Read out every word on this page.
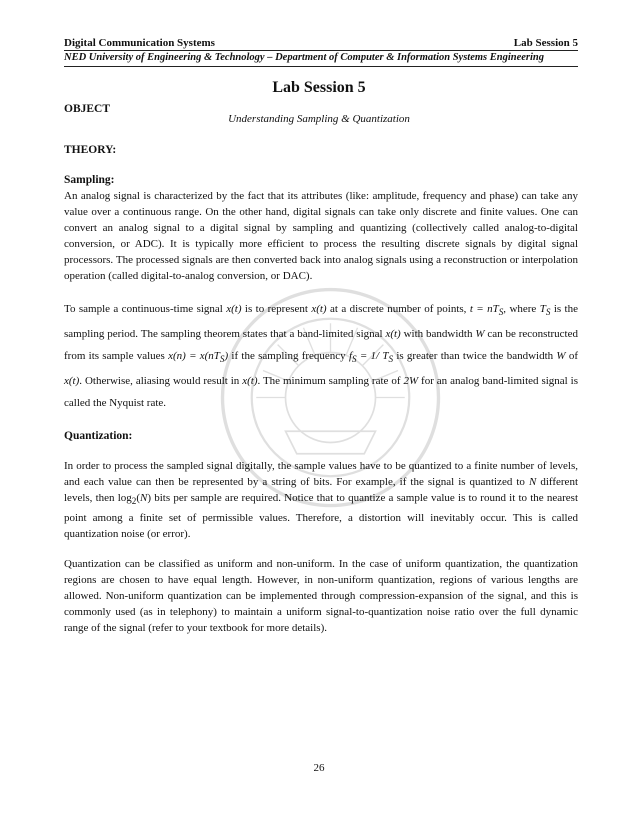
Digital Communication Systems	Lab Session 5
NED University of Engineering & Technology – Department of Computer & Information Systems Engineering
Lab Session 5
OBJECT
Understanding Sampling & Quantization
THEORY:
Sampling:

An analog signal is characterized by the fact that its attributes (like: amplitude, frequency and phase) can take any value over a continuous range. On the other hand, digital signals can take only discrete and finite values. One can convert an analog signal to a digital signal by sampling and quantizing (collectively called analog-to-digital conversion, or ADC). It is typically more efficient to process the resulting discrete signals by digital signal processors. The processed signals are then converted back into analog signals using a reconstruction or interpolation operation (called digital-to-analog conversion, or DAC).

To sample a continuous-time signal x(t) is to represent x(t) at a discrete number of points, $t = nT_S$, where $T_S$ is the sampling period. The sampling theorem states that a band-limited signal x(t) with bandwidth W can be reconstructed from its sample values $x(n) = x(nT_S)$ if the sampling frequency $f_S = 1/$ $T_S$ is greater than twice the bandwidth W of x(t). Otherwise, aliasing would result in x(t). The minimum sampling rate of 2W for an analog band-limited signal is called the Nyquist rate.

Quantization:

In order to process the sampled signal digitally, the sample values have to be quantized to a finite number of levels, and each value can then be represented by a string of bits. For example, if the signal is quantized to N different levels, then $\log_2(N)$ bits per sample are required. Notice that to quantize a sample value is to round it to the nearest point among a finite set of permissible values. Therefore, a distortion will inevitably occur. This is called quantization noise (or error).

Quantization can be classified as uniform and non-uniform. In the case of uniform quantization, the quantization regions are chosen to have equal length. However, in non-uniform quantization, regions of various lengths are allowed. Non-uniform quantization can be implemented through compression-expansion of the signal, and this is commonly used (as in telephony) to maintain a uniform signal-to-quantization noise ratio over the full dynamic range of the signal (refer to your textbook for more details).

26
